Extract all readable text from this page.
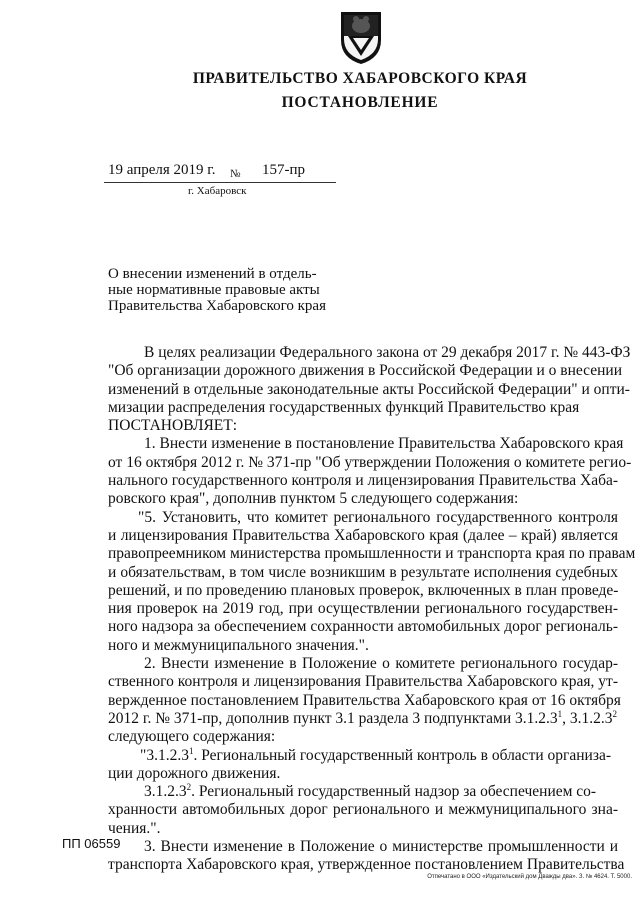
ПРАВИТЕЛЬСТВО ХАБАРОВСКОГО КРАЯ
ПОСТАНОВЛЕНИЕ
19 апреля 2019 г. № 157-пр
г. Хабаровск
О внесении изменений в отдель-
ные нормативные правовые акты
Правительства Хабаровского края
В целях реализации Федерального закона от 29 декабря 2017 г. № 443-ФЗ
"Об организации дорожного движения в Российской Федерации и о внесении
изменений в отдельные законодательные акты Российской Федерации" и опти-
мизации распределения государственных функций Правительство края
ПОСТАНОВЛЯЕТ:
1. Внести изменение в постановление Правительства Хабаровского края
от 16 октября 2012 г. № 371-пр "Об утверждении Положения о комитете регио-
нального государственного контроля и лицензирования Правительства Хаба-
ровского края", дополнив пунктом 5 следующего содержания:
"5. Установить, что комитет регионального государственного контроля
и лицензирования Правительства Хабаровского края (далее – край) является
правопреемником министерства промышленности и транспорта края по правам
и обязательствам, в том числе возникшим в результате исполнения судебных
решений, и по проведению плановых проверок, включенных в план проведе-
ния проверок на 2019 год, при осуществлении регионального государствен-
ного надзора за обеспечением сохранности автомобильных дорог региональ-
ного и межмуниципального значения.".
2. Внести изменение в Положение о комитете регионального государ-
ственного контроля и лицензирования Правительства Хабаровского края, ут-
вержденное постановлением Правительства Хабаровского края от 16 октября
2012 г. № 371-пр, дополнив пункт 3.1 раздела 3 подпунктами 3.1.2.3$^1$, 3.1.2.3$^2$
следующего содержания:
"3.1.2.3$^1$. Региональный государственный контроль в области организа-
ции дорожного движения.
3.1.2.3$^2$. Региональный государственный надзор за обеспечением со-
хранности автомобильных дорог регионального и межмуниципального зна-
чения.".
3. Внести изменение в Положение о министерстве промышленности и
транспорта Хабаровского края, утвержденное постановлением Правительства
ПП 06559
Отпечатано в ООО «Издательский дом Дважды два». З. № 4624. Т. 5000.
